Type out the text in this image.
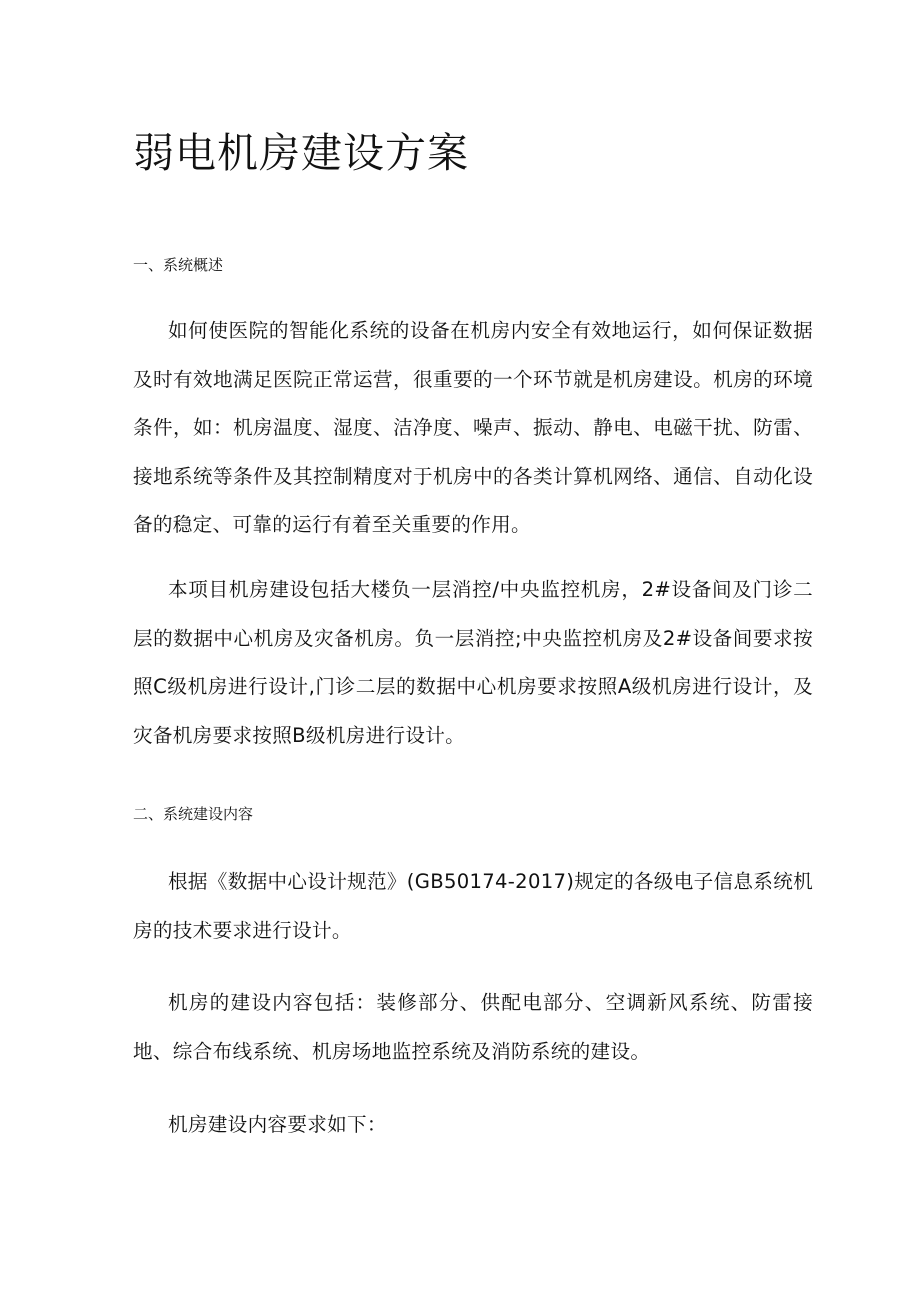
弱电机房建设方案
一、系统概述

如何使医院的智能化系统的设备在机房内安全有效地运行，如何保证数据及时有效地满足医院正常运营，很重要的一个环节就是机房建设。机房的环境条件，如：机房温度、湿度、洁净度、噪声、振动、静电、电磁干扰、防雷、接地系统等条件及其控制精度对于机房中的各类计算机网络、通信、自动化设备的稳定、可靠的运行有着至关重要的作用。

本项目机房建设包括大楼负一层消控/中央监控机房，2#设备间及门诊二层的数据中心机房及灾备机房。负一层消控;中央监控机房及2#设备间要求按照C级机房进行设计,门诊二层的数据中心机房要求按照A级机房进行设计，及灾备机房要求按照B级机房进行设计。

二、系统建设内容

根据《数据中心设计规范》(GB50174-2017)规定的各级电子信息系统机房的技术要求进行设计。

机房的建设内容包括：装修部分、供配电部分、空调新风系统、防雷接地、综合布线系统、机房场地监控系统及消防系统的建设。

机房建设内容要求如下：
